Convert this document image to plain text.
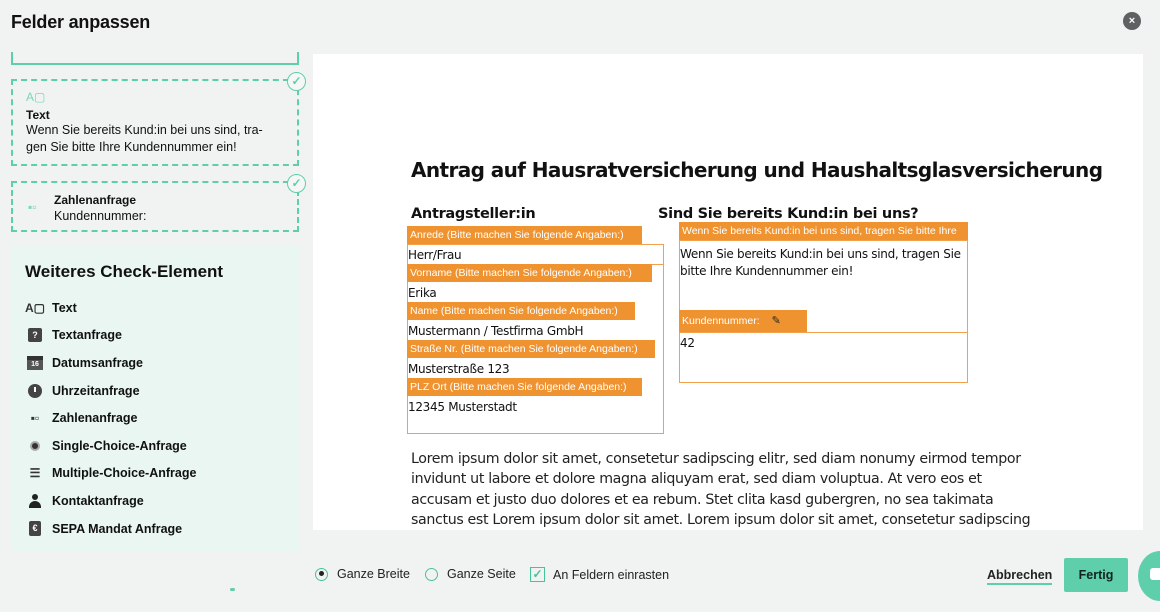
Felder anpassen	×
✓
A▢
Text
Wenn Sie bereits Kund:in bei uns sind, tra-gen Sie bitte Ihre Kundennummer ein!
✓
▪▫ Zahlenanfrage
Kundennummer:
Weiteres Check-Element
A▢ Text
?	Textanfrage
16	Datumsanfrage
Uhrzeitanfrage
▪▫	Zahlenanfrage
Single-Choice-Anfrage
☰ Multiple-Choice-Anfrage
Kontaktanfrage
€ SEPA Mandat Anfrage
Antrag auf Hausratversicherung und Haushaltsglasversicherung
Antragsteller:in	Sind Sie bereits Kund:in bei uns?
Anrede (Bitte machen Sie folgende Angaben:)
Herr/Frau
Vorname (Bitte machen Sie folgende Angaben:)
Erika
Name (Bitte machen Sie folgende Angaben:)
Mustermann / Testfirma GmbH
Straße Nr. (Bitte machen Sie folgende Angaben:)
Musterstraße 123
PLZ Ort (Bitte machen Sie folgende Angaben:)
12345 Musterstadt
Wenn Sie bereits Kund:in bei uns sind, tragen Sie bitte Ihre
Wenn Sie bereits Kund:in bei uns sind, tragen Sie
bitte Ihre Kundennummer ein!
Kundennummer: ✎
42
Lorem ipsum dolor sit amet, consetetur sadipscing elitr, sed diam nonumy eirmod tempor
invidunt ut labore et dolore magna aliquyam erat, sed diam voluptua. At vero eos et
accusam et justo duo dolores et ea rebum. Stet clita kasd gubergren, no sea takimata
sanctus est Lorem ipsum dolor sit amet. Lorem ipsum dolor sit amet, consetetur sadipscing
Ganze Breite	Ganze Seite ✓ An Feldern einrasten	Abbrechen	Fertig
